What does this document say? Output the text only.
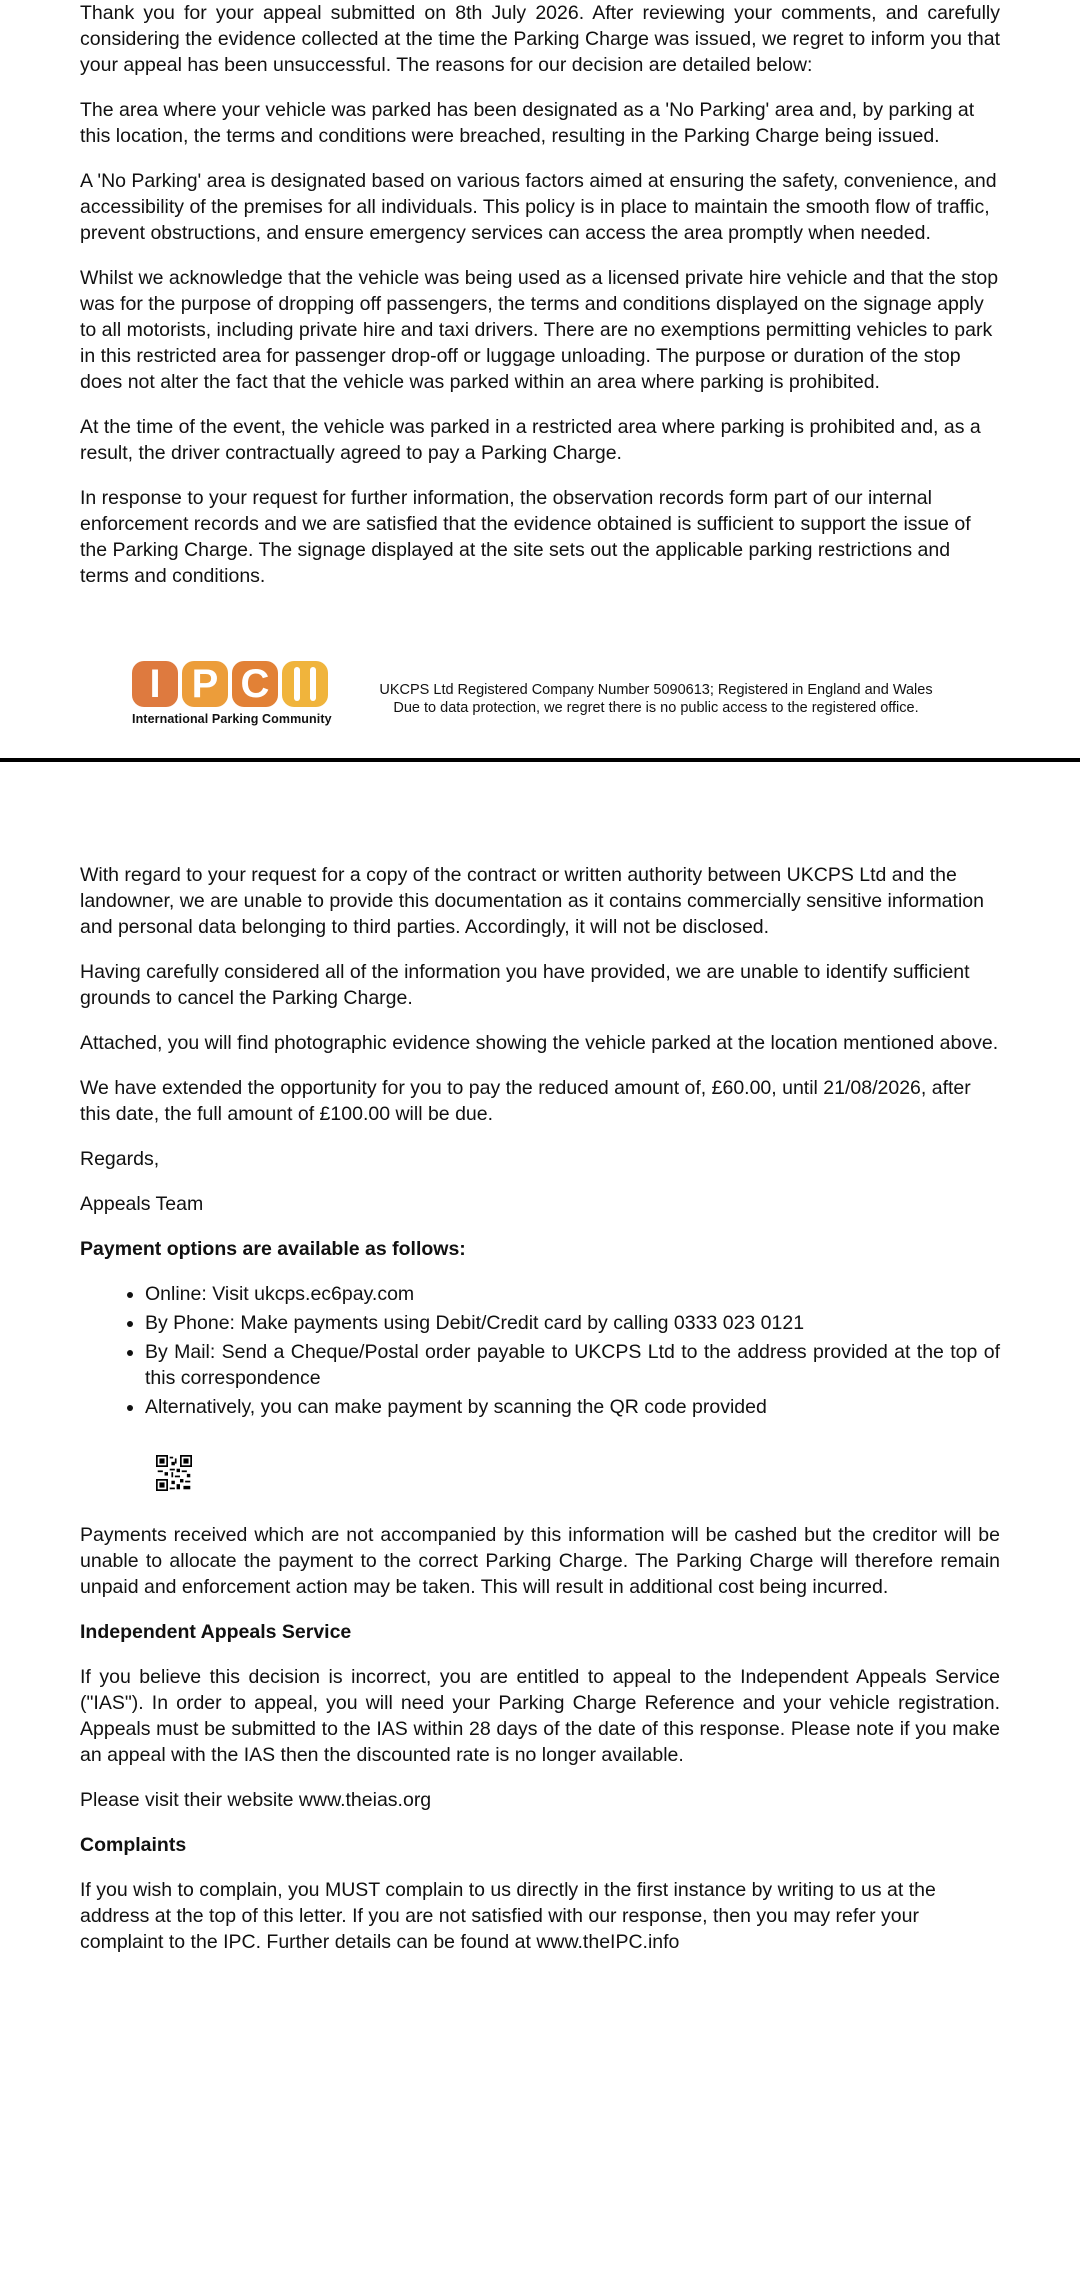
Thank you for your appeal submitted on 8th July 2026. After reviewing your comments, and carefully considering the evidence collected at the time the Parking Charge was issued, we regret to inform you that your appeal has been unsuccessful. The reasons for our decision are detailed below:

The area where your vehicle was parked has been designated as a 'No Parking' area and, by parking at this location, the terms and conditions were breached, resulting in the Parking Charge being issued.

A 'No Parking' area is designated based on various factors aimed at ensuring the safety, convenience, and accessibility of the premises for all individuals. This policy is in place to maintain the smooth flow of traffic, prevent obstructions, and ensure emergency services can access the area promptly when needed.

Whilst we acknowledge that the vehicle was being used as a licensed private hire vehicle and that the stop was for the purpose of dropping off passengers, the terms and conditions displayed on the signage apply to all motorists, including private hire and taxi drivers. There are no exemptions permitting vehicles to park in this restricted area for passenger drop-off or luggage unloading. The purpose or duration of the stop does not alter the fact that the vehicle was parked within an area where parking is prohibited.

At the time of the event, the vehicle was parked in a restricted area where parking is prohibited and, as a result, the driver contractually agreed to pay a Parking Charge.

In response to your request for further information, the observation records form part of our internal enforcement records and we are satisfied that the evidence obtained is sufficient to support the issue of the Parking Charge. The signage displayed at the site sets out the applicable parking restrictions and terms and conditions.

I P C
International Parking Community
UKCPS Ltd Registered Company Number 5090613; Registered in England and Wales
Due to data protection, we regret there is no public access to the registered office.

With regard to your request for a copy of the contract or written authority between UKCPS Ltd and the landowner, we are unable to provide this documentation as it contains commercially sensitive information and personal data belonging to third parties. Accordingly, it will not be disclosed.

Having carefully considered all of the information you have provided, we are unable to identify sufficient grounds to cancel the Parking Charge.

Attached, you will find photographic evidence showing the vehicle parked at the location mentioned above.

We have extended the opportunity for you to pay the reduced amount of, £60.00, until 21/08/2026, after this date, the full amount of £100.00 will be due.

Regards,

Appeals Team

Payment options are available as follows:
• Online: Visit ukcps.ec6pay.com
• By Phone: Make payments using Debit/Credit card by calling 0333 023 0121
• By Mail: Send a Cheque/Postal order payable to UKCPS Ltd to the address provided at the top of this correspondence
• Alternatively, you can make payment by scanning the QR code provided

Payments received which are not accompanied by this information will be cashed but the creditor will be unable to allocate the payment to the correct Parking Charge. The Parking Charge will therefore remain unpaid and enforcement action may be taken. This will result in additional cost being incurred.

Independent Appeals Service

If you believe this decision is incorrect, you are entitled to appeal to the Independent Appeals Service ("IAS"). In order to appeal, you will need your Parking Charge Reference and your vehicle registration. Appeals must be submitted to the IAS within 28 days of the date of this response. Please note if you make an appeal with the IAS then the discounted rate is no longer available.

Please visit their website www.theias.org

Complaints

If you wish to complain, you MUST complain to us directly in the first instance by writing to us at the address at the top of this letter. If you are not satisfied with our response, then you may refer your complaint to the IPC. Further details can be found at www.theIPC.info
